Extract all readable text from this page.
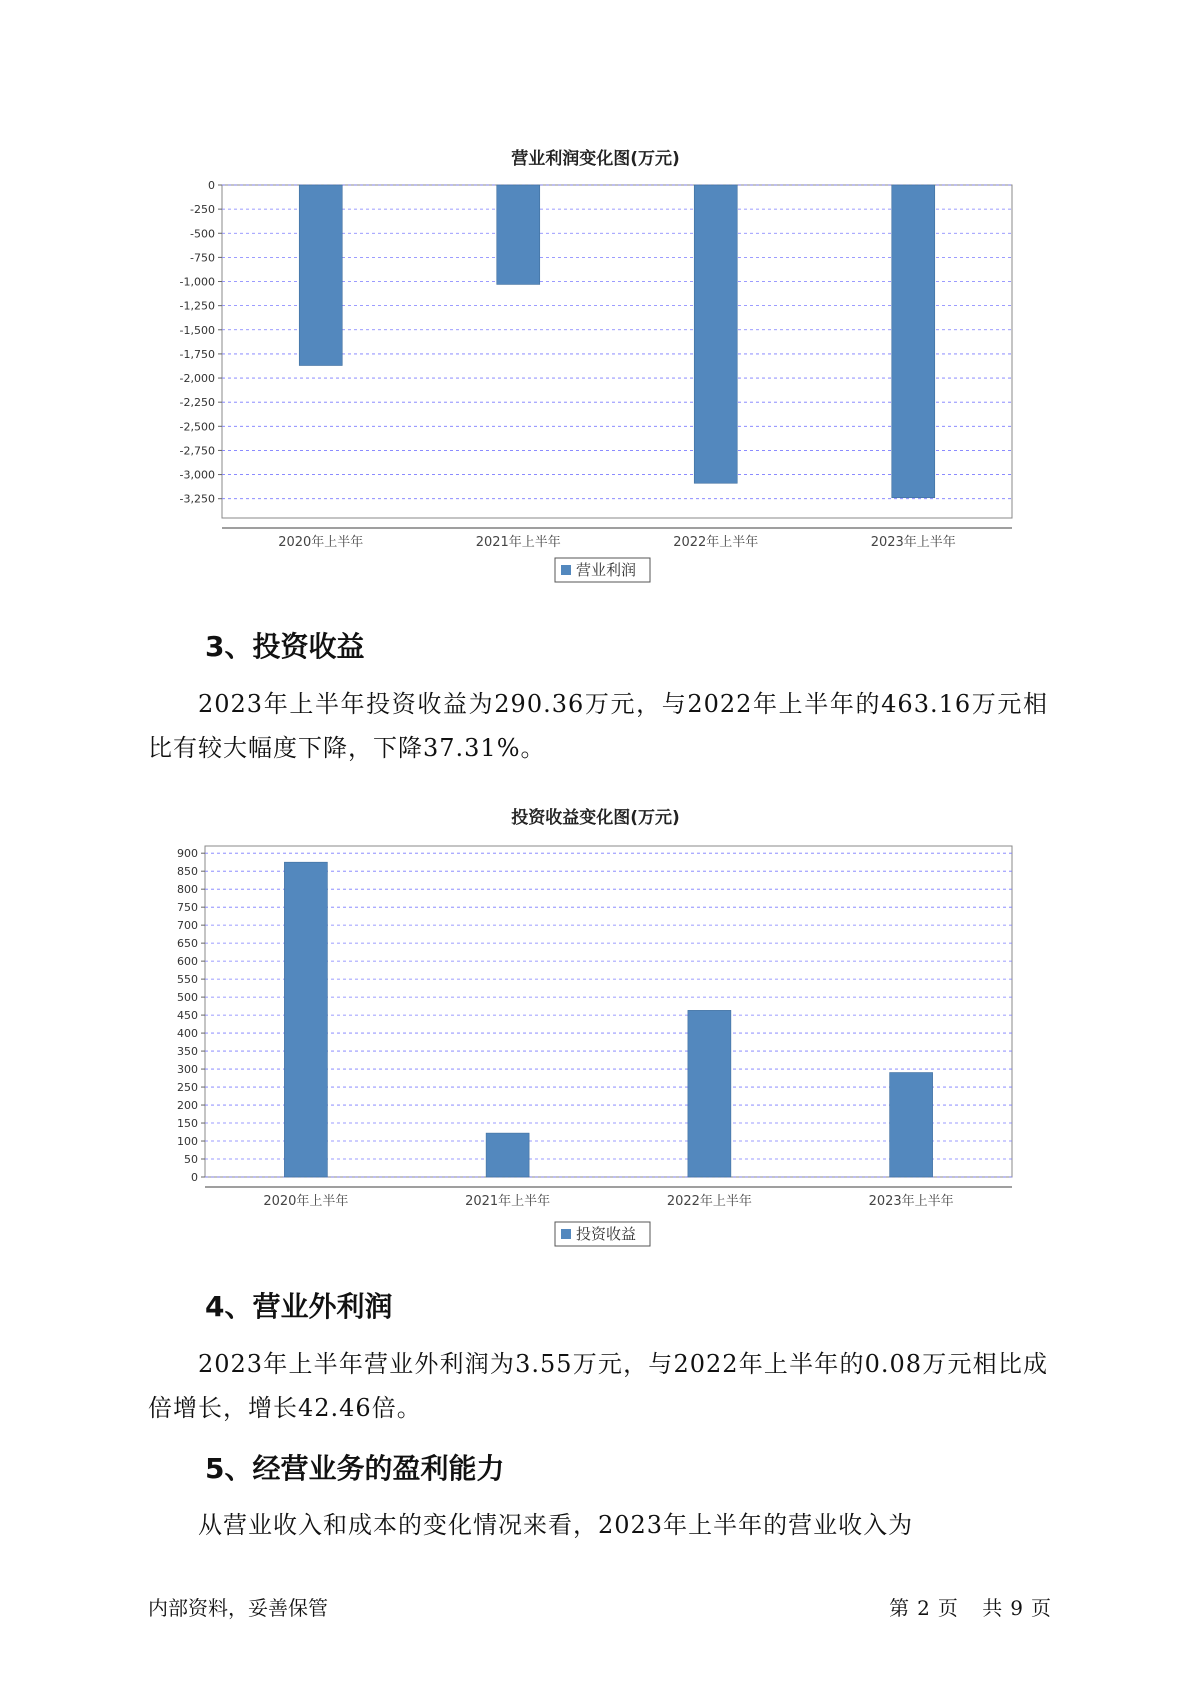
营业利润变化图(万元)
0
-250
-500
-750
-1,000
-1,250
-1,500
-1,750
-2,000
-2,250
-2,500
-2,750
-3,000
-3,250
2020年上半年	2021年上半年	2022年上半年	2023年上半年
营业利润
3、投资收益
2023年上半年投资收益为290.36万元，与2022年上半年的463.16万元相比有较大幅度下降，下降37.31%。
投资收益变化图(万元)
0
50
100
150
200
250
300
350
400
450
500
550
600
650
700
750
800
850
900
2020年上半年	2021年上半年	2022年上半年	2023年上半年
投资收益
4、营业外利润
2023年上半年营业外利润为3.55万元，与2022年上半年的0.08万元相比成倍增长，增长42.46倍。
5、经营业务的盈利能力
从营业收入和成本的变化情况来看，2023年上半年的营业收入为
内部资料，妥善保管	第 2 页 共 9 页
